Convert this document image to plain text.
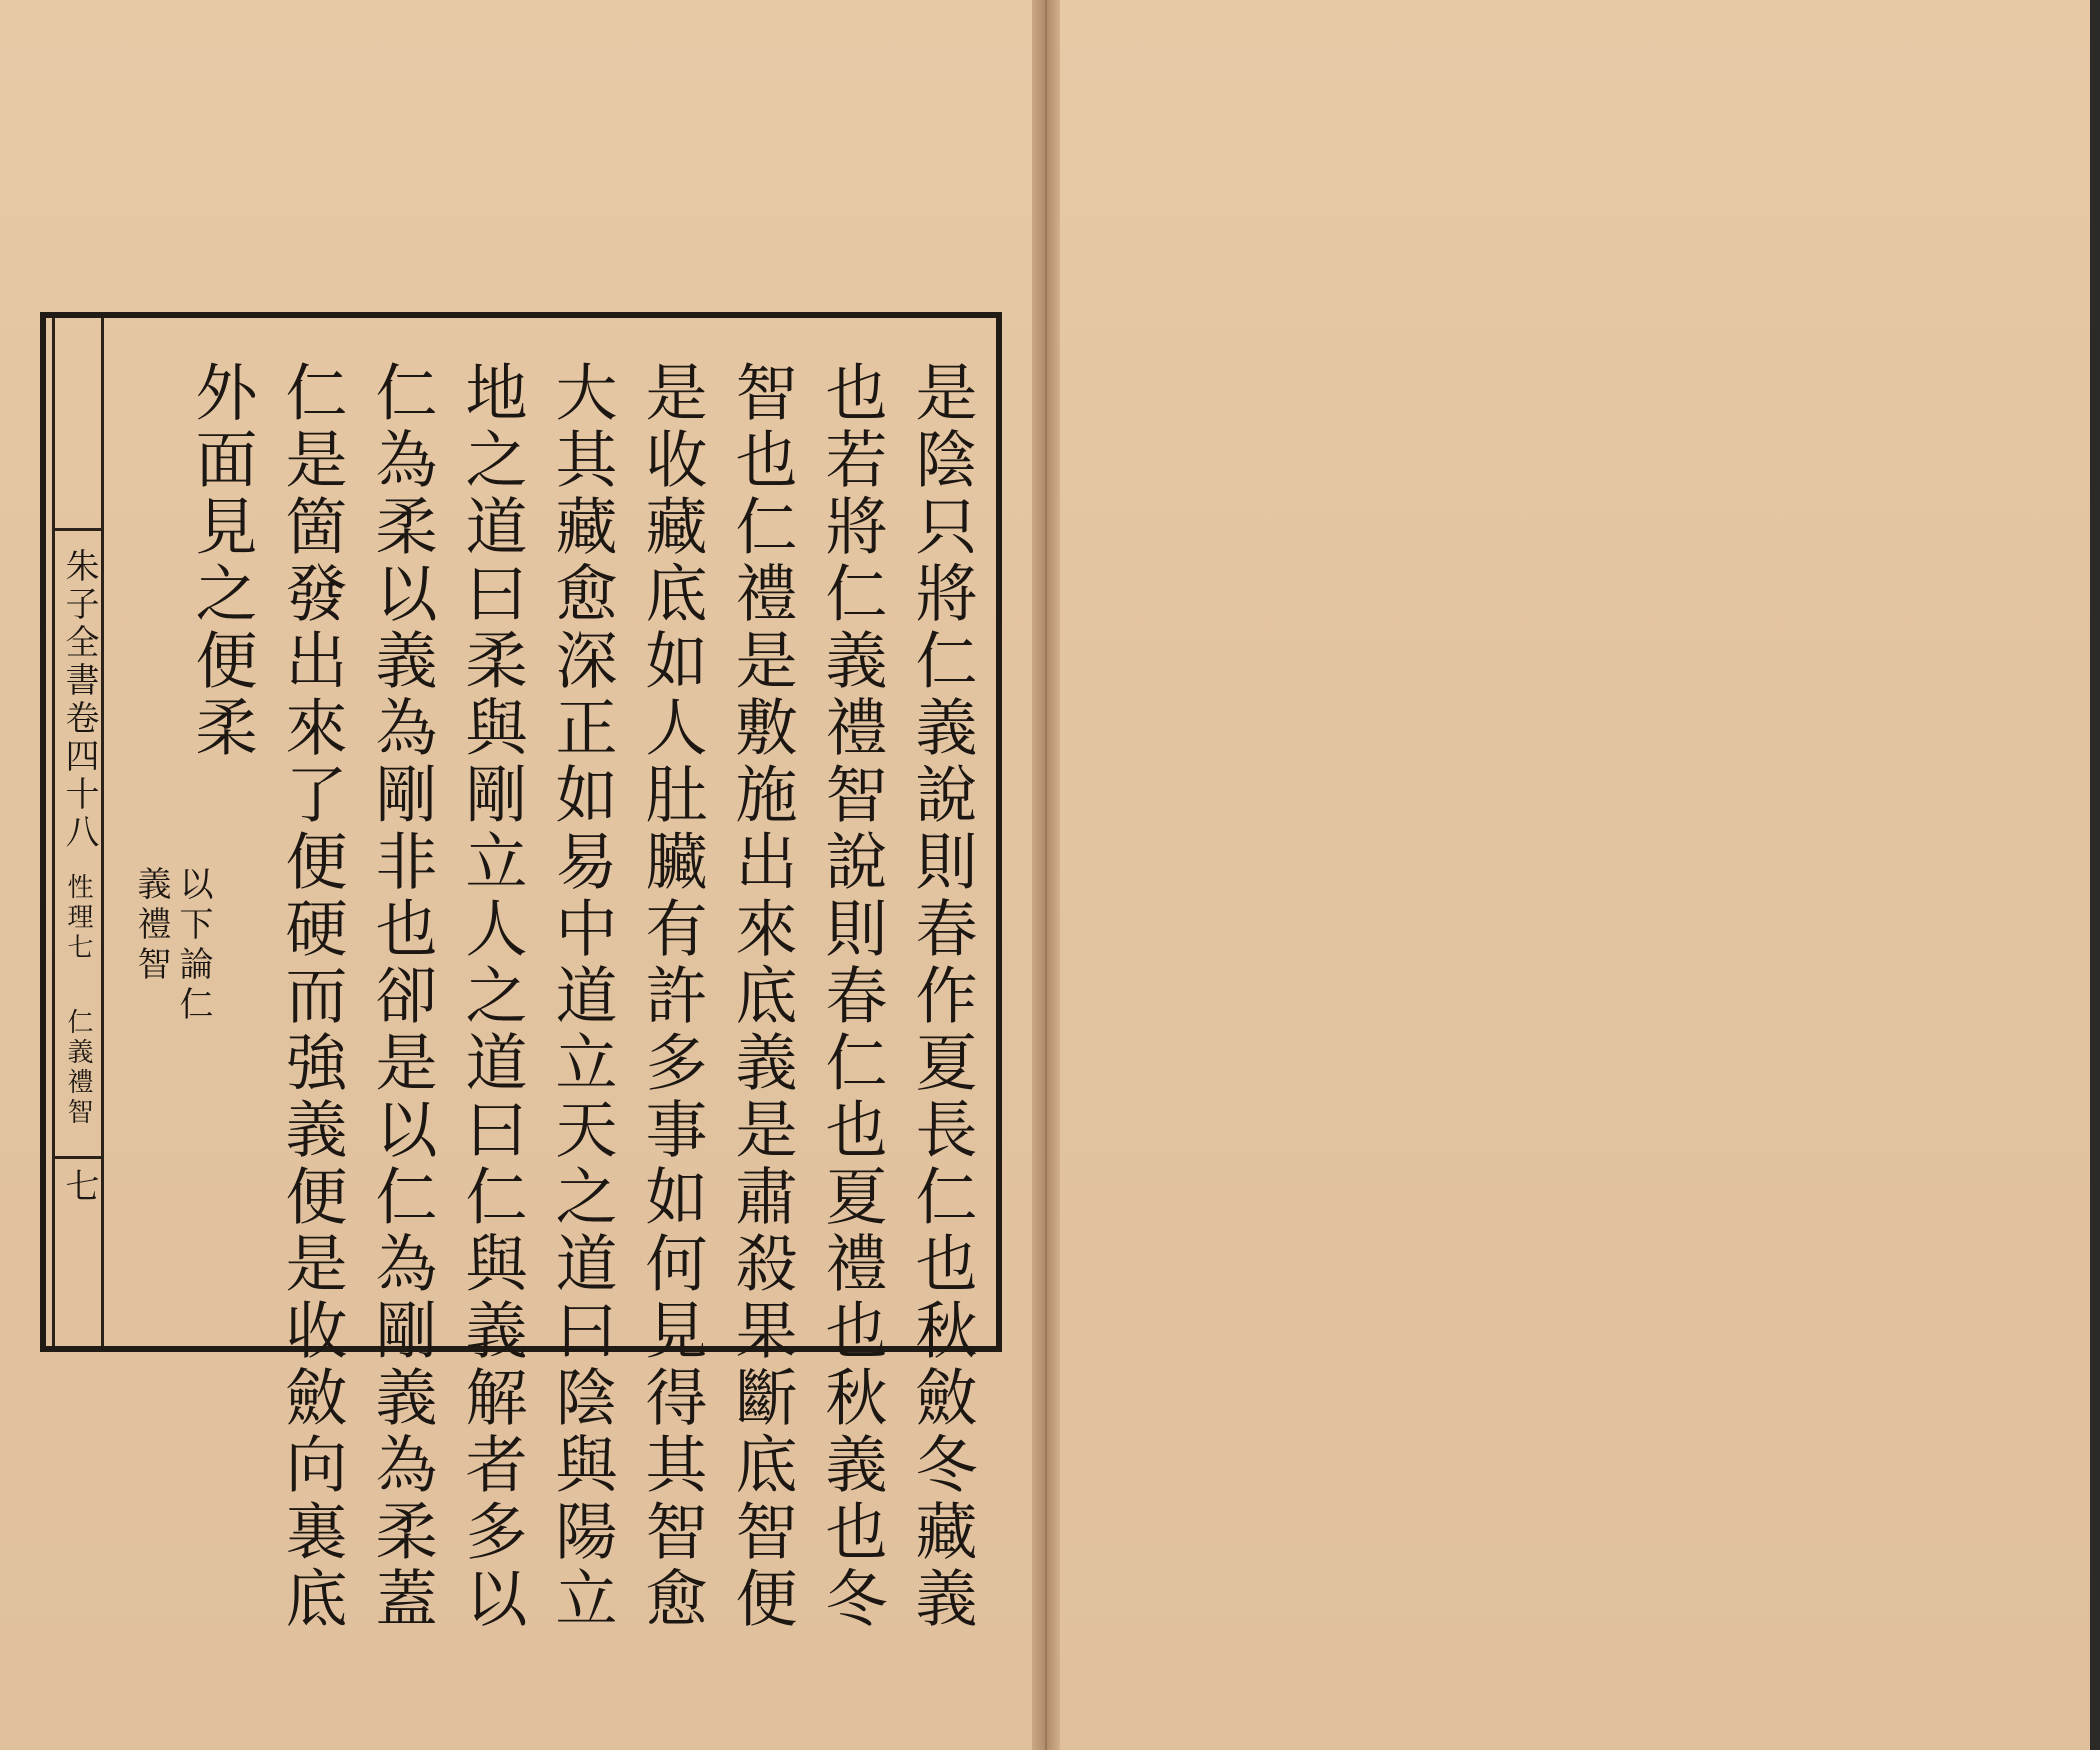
是陰只將仁義說則春作夏長仁也秋斂冬藏義
也若將仁義禮智說則春仁也夏禮也秋義也冬
智也仁禮是敷施出來底義是肅殺果斷底智便
是收藏底如人肚臟有許多事如何見得其智愈
大其藏愈深正如易中道立天之道曰陰與陽立
地之道曰柔與剛立人之道曰仁與義解者多以
仁為柔以義為剛非也卻是以仁為剛義為柔蓋
仁是箇發出來了便硬而強義便是收斂向裏底
外面見之便柔
以下論仁
義禮智
朱子全書卷四十八
性理七
仁義禮智
七
